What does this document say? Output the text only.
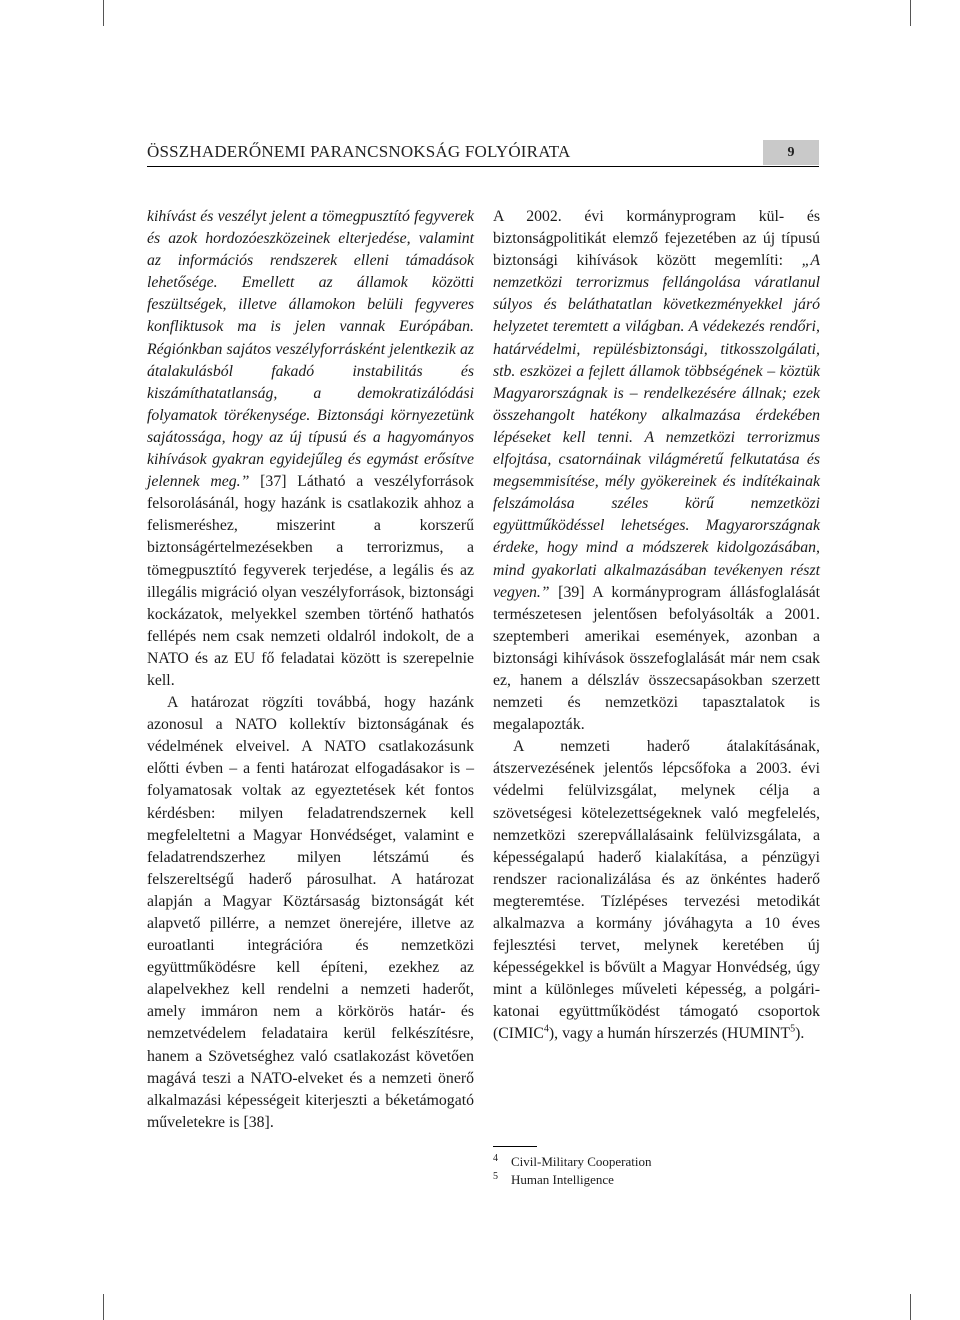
ÖSSZHADERŐNEMI PARANCSNOKSÁG FOLYÓIRATA	9

kihívást és veszélyt jelent a tömegpusztító fegyverek és azok hordozóeszközeinek elterjedése, valamint az információs rendszerek elleni támadások lehetősége. Emellett az államok közötti feszültségek, illetve államokon belüli fegyveres konfliktusok ma is jelen vannak Európában. Régiónkban sajátos veszélyforrásként jelentkezik az átalakulásból fakadó instabilitás és kiszámíthatatlanság, a demokratizálódási folyamatok törékenysége. Biztonsági környezetünk sajátossága, hogy az új típusú és a hagyományos kihívások gyakran egyidejűleg és egymást erősítve jelennek meg.” [37] Látható a veszélyforrások felsorolásánál, hogy hazánk is csatlakozik ahhoz a felismeréshez, miszerint a korszerű biztonságértelmezésekben a terrorizmus, a tömegpusztító fegyverek terjedése, a legális és az illegális migráció olyan veszélyforrások, biztonsági kockázatok, melyekkel szemben történő hathatós fellépés nem csak nemzeti oldalról indokolt, de a NATO és az EU fő feladatai között is szerepelnie kell.

A határozat rögzíti továbbá, hogy hazánk azonosul a NATO kollektív biztonságának és védelmének elveivel. A NATO csatlakozásunk előtti évben – a fenti határozat elfogadásakor is – folyamatosak voltak az egyeztetések két fontos kérdésben: milyen feladatrendszernek kell megfeleltetni a Magyar Honvédséget, valamint e feladatrendszerhez milyen létszámú és felszereltségű haderő párosulhat. A határozat alapján a Magyar Köztársaság biztonságát két alapvető pillérre, a nemzet önerejére, illetve az euroatlanti integrációra és nemzetközi együttműködésre kell építeni, ezekhez az alapelvekhez kell rendelni a nemzeti haderőt, amely immáron nem a körkörös határ- és nemzetvédelem feladataira kerül felkészítésre, hanem a Szövetséghez való csatlakozást követően magává teszi a NATO-elveket és a nemzeti önerő alkalmazási képességeit kiterjeszti a béketámogató műveletekre is [38].

A 2002. évi kormányprogram kül- és biztonságpolitikát elemző fejezetében az új típusú biztonsági kihívások között megemlíti: „A nemzetközi terrorizmus fellángolása váratlanul súlyos és beláthatatlan következményekkel járó helyzetet teremtett a világban. A védekezés rendőri, határvédelmi, repülésbiztonsági, titkosszolgálati, stb. eszközei a fejlett államok többségének – köztük Magyarországnak is – rendelkezésére állnak; ezek összehangolt hatékony alkalmazása érdekében lépéseket kell tenni. A nemzetközi terrorizmus elfojtása, csatornáinak világméretű felkutatása és megsemmisítése, mély gyökereinek és indítékainak felszámolása széles körű nemzetközi együttműködéssel lehetséges. Magyarországnak érdeke, hogy mind a módszerek kidolgozásában, mind gyakorlati alkalmazásában tevékenyen részt vegyen.” [39] A kormányprogram állásfoglalását természetesen jelentősen befolyásolták a 2001. szeptemberi amerikai események, azonban a biztonsági kihívások összefoglalását már nem csak ez, hanem a délszláv összecsapásokban szerzett nemzeti és nemzetközi tapasztalatok is megalapozták.

A nemzeti haderő átalakításának, átszervezésének jelentős lépcsőfoka a 2003. évi védelmi felülvizsgálat, melynek célja a szövetségesi kötelezettségeknek való megfelelés, nemzetközi szerepvállalásaink felülvizsgálata, a képességalapú haderő kialakítása, a pénzügyi rendszer racionalizálása és az önkéntes haderő megteremtése. Tízlépéses tervezési metodikát alkalmazva a kormány jóváhagyta a 10 éves fejlesztési tervet, melynek keretében új képességekkel is bővült a Magyar Honvédség, úgy mint a különleges műveleti képesség, a polgári-katonai együttműködést támogató csoportok (CIMIC$^4$), vagy a humán hírszerzés (HUMINT$^5$).

4 Civil-Military Cooperation
5 Human Intelligence
